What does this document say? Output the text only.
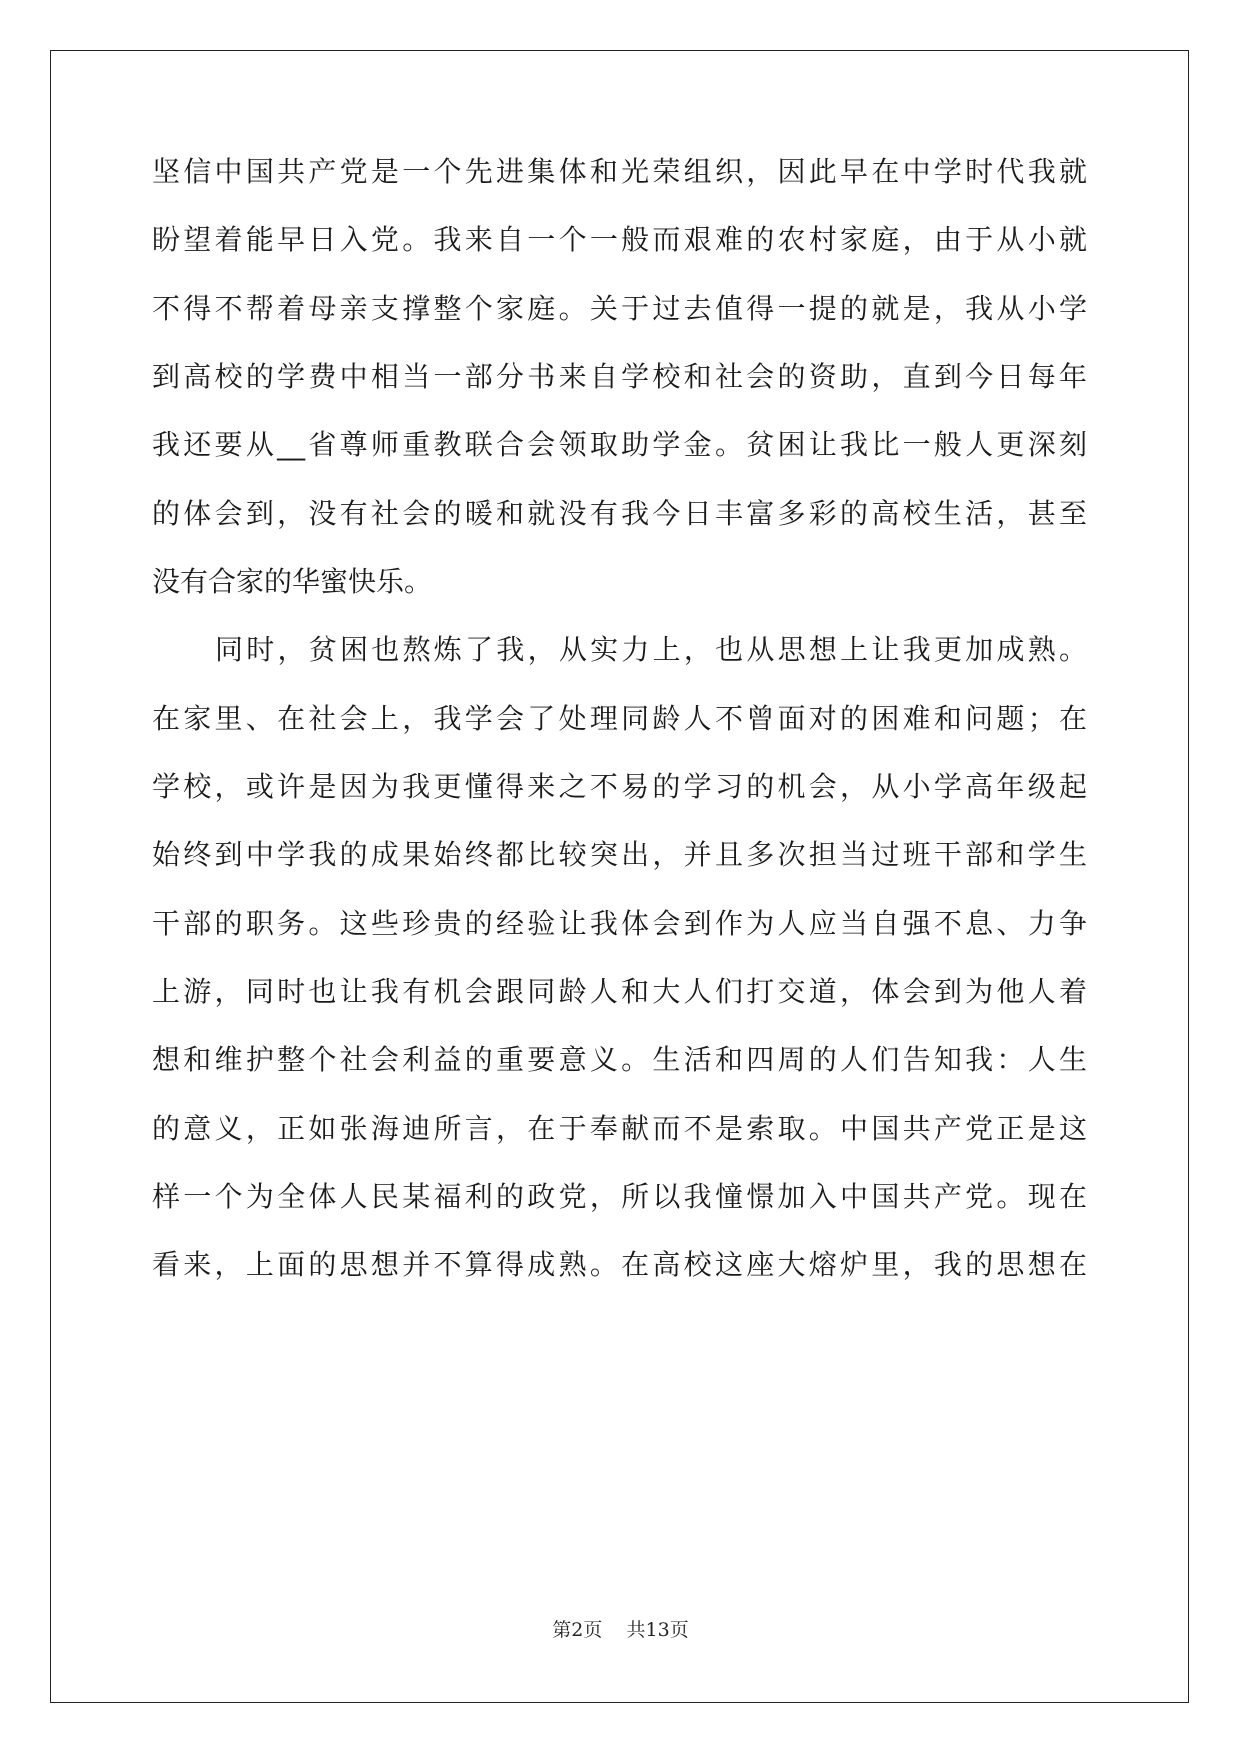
坚信中国共产党是一个先进集体和光荣组织，因此早在中学时代我就
盼望着能早日入党。我来自一个一般而艰难的农村家庭，由于从小就
不得不帮着母亲支撑整个家庭。关于过去值得一提的就是，我从小学
到高校的学费中相当一部分书来自学校和社会的资助，直到今日每年
我还要从__省尊师重教联合会领取助学金。贫困让我比一般人更深刻
的体会到，没有社会的暖和就没有我今日丰富多彩的高校生活，甚至
没有合家的华蜜快乐。
同时，贫困也熬炼了我，从实力上，也从思想上让我更加成熟。
在家里、在社会上，我学会了处理同龄人不曾面对的困难和问题；在
学校，或许是因为我更懂得来之不易的学习的机会，从小学高年级起
始终到中学我的成果始终都比较突出，并且多次担当过班干部和学生
干部的职务。这些珍贵的经验让我体会到作为人应当自强不息、力争
上游，同时也让我有机会跟同龄人和大人们打交道，体会到为他人着
想和维护整个社会利益的重要意义。生活和四周的人们告知我：人生
的意义，正如张海迪所言，在于奉献而不是索取。中国共产党正是这
样一个为全体人民某福利的政党，所以我憧憬加入中国共产党。现在
看来，上面的思想并不算得成熟。在高校这座大熔炉里，我的思想在
第2页 共13页
